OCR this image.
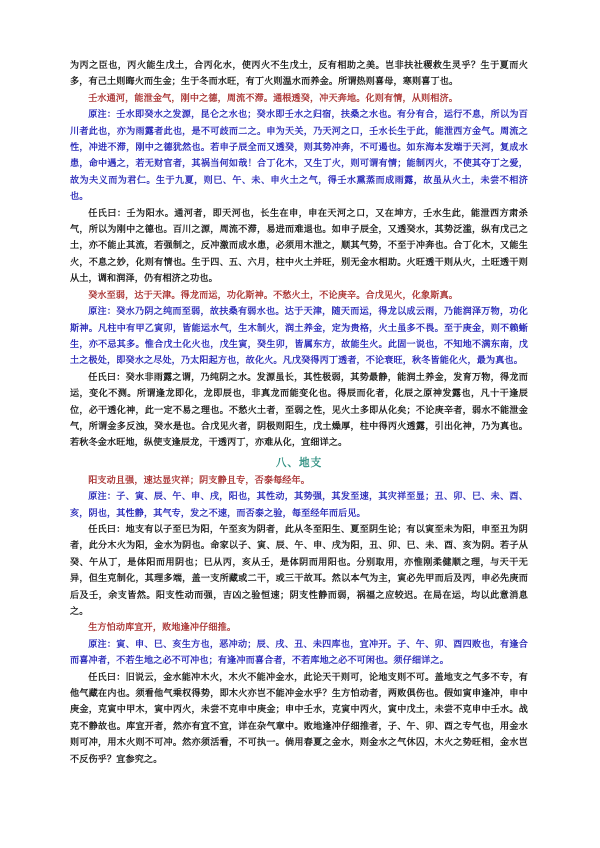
为丙之臣也，丙火能生戊土，合丙化水，使丙火不生戊土，反有相助之美。岂非扶社稷救生灵乎？生于夏而火多，有己土则晦火而生金；生于冬而水旺，有丁火则温水而养金。所谓热则喜母，寒则喜丁也。

壬水通河，能泄金气，刚中之德，周流不滞。通根透癸，冲天奔地。化则有情，从则相济。

原注：壬水即癸水之发源，昆仑之水也；癸水即壬水之归宿，扶桑之水也。有分有合，运行不息，所以为百川者此也，亦为雨露者此也，是不可歧而二之。申为天关，乃天河之口，壬水长生于此，能泄西方金气。周流之性，冲进不滞，刚中之德犹然也。若申子辰全而又透癸，则其势冲奔，不可遏也。如东海本发端于天河，复成水患，命中遇之，若无财官者，其祸当何如哉！合丁化木，又生丁火，则可谓有情；能制丙火，不使其夺丁之爱，故为夫义而为君仁。生于九夏，则巳、午、未、申火土之气，得壬水熏蒸而成雨露，故虽从火土，未尝不相济也。

任氏曰：壬为阳水。通河者，即天河也，长生在申，申在天河之口，又在坤方，壬水生此，能泄西方肃杀气，所以为刚中之德也。百川之源，周流不滞，易进而难退也。如申子辰全，又透癸水，其势泛滥，纵有戊己之土，亦不能止其流，若强制之，反冲激而成水患，必须用木泄之，顺其气势，不至于冲奔也。合丁化木，又能生火，不息之妙，化则有情也。生于四、五、六月，柱中火土并旺，别无金水相助。火旺透干则从火，土旺透干则从土，调和润泽，仍有相济之功也。

癸水至弱，达于天津。得龙而运，功化斯神。不愁火土，不论庚辛。合戊见火，化象斯真。

原注：癸水乃阴之纯而至弱，故扶桑有弱水也。达于天津，随天而运，得龙以成云雨，乃能润泽万物，功化斯神。凡柱中有甲乙寅卯，皆能运水气，生木制火，润土养金，定为贵格，火土虽多不畏。至于庚金，则不赖蜥生，亦不忌其多。惟合戊土化火也，戊生寅，癸生卯，皆属东方，故能生火。此固一说也，不知地不满东南，戊土之极处，即癸水之尽处，乃太阳起方也，故化火。凡戊癸得丙丁透者，不论衰旺，秋冬皆能化火，最为真也。

任氏曰：癸水非雨露之谓，乃纯阴之水。发源虽长，其性极弱，其势最静，能润土养金，发育万物，得龙而运，变化不测。所谓逢龙即化，龙即辰也，非真龙而能变化也。得辰而化者，化辰之原神发露也，凡十干逢辰位，必干透化神，此一定不易之理也。不愁火土者，至弱之性，见火土多即从化矣；不论庚辛者，弱水不能泄金气，所谓金多反浊，癸水是也。合戊见火者，阴极则阳生，戊土燥厚，柱中得丙火透露，引出化神，乃为真也。若秋冬金水旺地，纵使支逢辰龙，干透丙丁，亦难从化，宜细详之。

八、地支

阳支动且强，速达显灾祥；阴支静且专，否泰每经年。

原注：子、寅、辰、午、申、戌，阳也，其性动，其势强，其发至速，其灾祥至显；丑、卯、巳、未、酉、亥，阴也，其性静，其气专，发之不速，而否泰之验，每至经年而后见。

任氏曰：地支有以子至巳为阳，午至亥为阴者，此从冬至阳生、夏至阴生论；有以寅至未为阳，申至丑为阴者，此分木火为阳，金水为阴也。命家以子、寅、辰、午、申、戌为阳，丑、卯、巳、未、酉、亥为阴。若子从癸、午从丁，是体阳而用阴也；巳从丙，亥从壬，是体阴而用阳也。分别取用，亦惟刚柔健顺之理，与天干无异，但生克制化，其理多端，盖一支所藏或二干，或三干故耳。然以本气为主，寅必先甲而后及丙，申必先庚而后及壬，余支皆然。阳支性动而强，吉凶之验恒速；阴支性静而弱，祸福之应较迟。在局在运，均以此意消息之。

生方怕动库宜开，败地逢冲仔细推。

原注：寅、申、巳、亥生方也，恶冲动；辰、戌、丑、未四库也，宜冲开。子、午、卯、酉四败也，有逢合而喜冲者，不若生地之必不可冲也；有逢冲而喜合者，不若库地之必不可闲也。须仔细详之。

任氏曰：旧说云，金水能冲木火，木火不能冲金水，此论天干则可，论地支则不可。盖地支之气多不专，有他气藏在内也。须看他气乘权得势，即木火亦岂不能冲金水乎？生方怕动者，两败俱伤也。假如寅申逢冲，申中庚金，克寅中甲木，寅中丙火，未尝不克申中庚金；申中壬水，克寅中丙火，寅中戊土，未尝不克申中壬水。战克不静故也。库宜开者，然亦有宜不宜，详在杂气章中。败地逢冲仔细推者，子、午、卯、酉之专气也，用金水则可冲，用木火则不可冲。然亦须活看，不可执一。倘用春夏之金水，则金水之气休囚，木火之势旺相，金水岂不反伤乎？宜参究之。
